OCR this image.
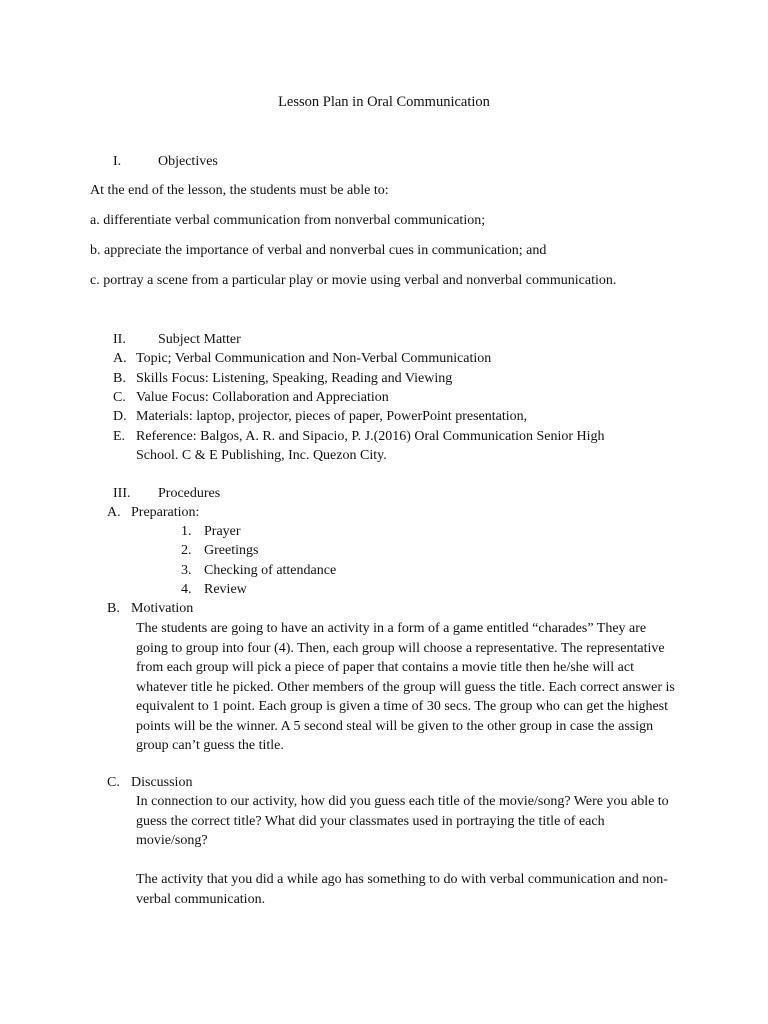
Lesson Plan in Oral Communication
I.	Objectives
At the end of the lesson, the students must be able to:
a. differentiate verbal communication from nonverbal communication;
b. appreciate the importance of verbal and nonverbal cues in communication; and
c. portray a scene from a particular play or movie using verbal and nonverbal communication.
II. Subject Matter
A. Topic; Verbal Communication and Non-Verbal Communication
B. Skills Focus: Listening, Speaking, Reading and Viewing
C. Value Focus: Collaboration and Appreciation
D. Materials: laptop, projector, pieces of paper, PowerPoint presentation,
E. Reference: Balgos, A. R. and Sipacio, P. J.(2016) Oral Communication Senior High
School. C & E Publishing, Inc. Quezon City.
III. Procedures
A. Preparation:
1. Prayer
2. Greetings
3. Checking of attendance
4. Review
B. Motivation
The students are going to have an activity in a form of a game entitled “charades” They are going to group into four (4). Then, each group will choose a representative. The representative from each group will pick a piece of paper that contains a movie title then he/she will act whatever title he picked. Other members of the group will guess the title. Each correct answer is equivalent to 1 point. Each group is given a time of 30 secs. The group who can get the highest points will be the winner. A 5 second steal will be given to the other group in case the assign group can’t guess the title.
C. Discussion
In connection to our activity, how did you guess each title of the movie/song? Were you able to guess the correct title? What did your classmates used in portraying the title of each movie/song?
The activity that you did a while ago has something to do with verbal communication and non-verbal communication.
